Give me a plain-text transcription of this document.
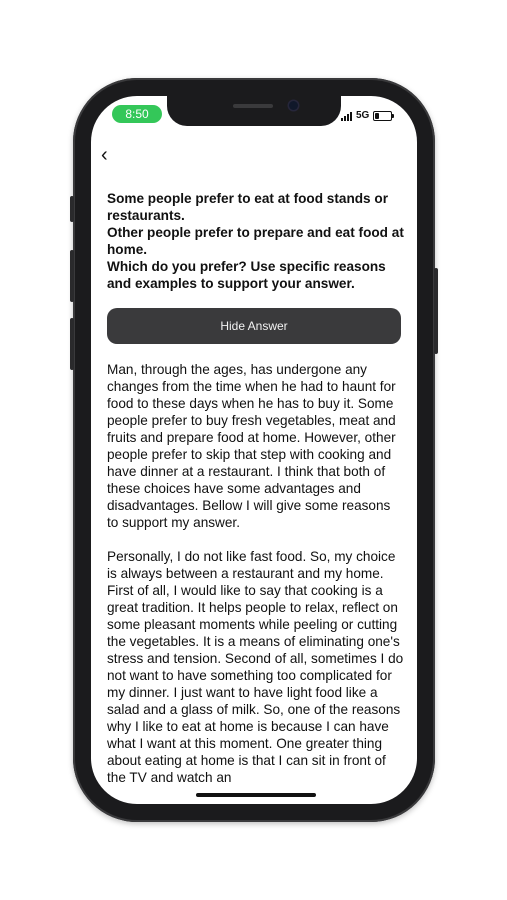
8:50	5G
‹
Some people prefer to eat at food stands or restaurants.
Other people prefer to prepare and eat food at home.
Which do you prefer? Use specific reasons and examples to support your answer.
Hide Answer

Man, through the ages, has undergone any changes from the time when he had to haunt for food to these days when he has to buy it. Some people prefer to buy fresh vegetables, meat and fruits and prepare food at home. However, other people prefer to skip that step with cooking and have dinner at a restaurant. I think that both of these choices have some advantages and disadvantages. Bellow I will give some reasons to support my answer.

Personally, I do not like fast food. So, my choice is always between a restaurant and my home. First of all, I would like to say that cooking is a great tradition. It helps people to relax, reflect on some pleasant moments while peeling or cutting the vegetables. It is a means of eliminating one's stress and tension. Second of all, sometimes I do not want to have something too complicated for my dinner. I just want to have light food like a salad and a glass of milk. So, one of the reasons why I like to eat at home is because I can have what I want at this moment. One greater thing about eating at home is that I can sit in front of the TV and watch an
